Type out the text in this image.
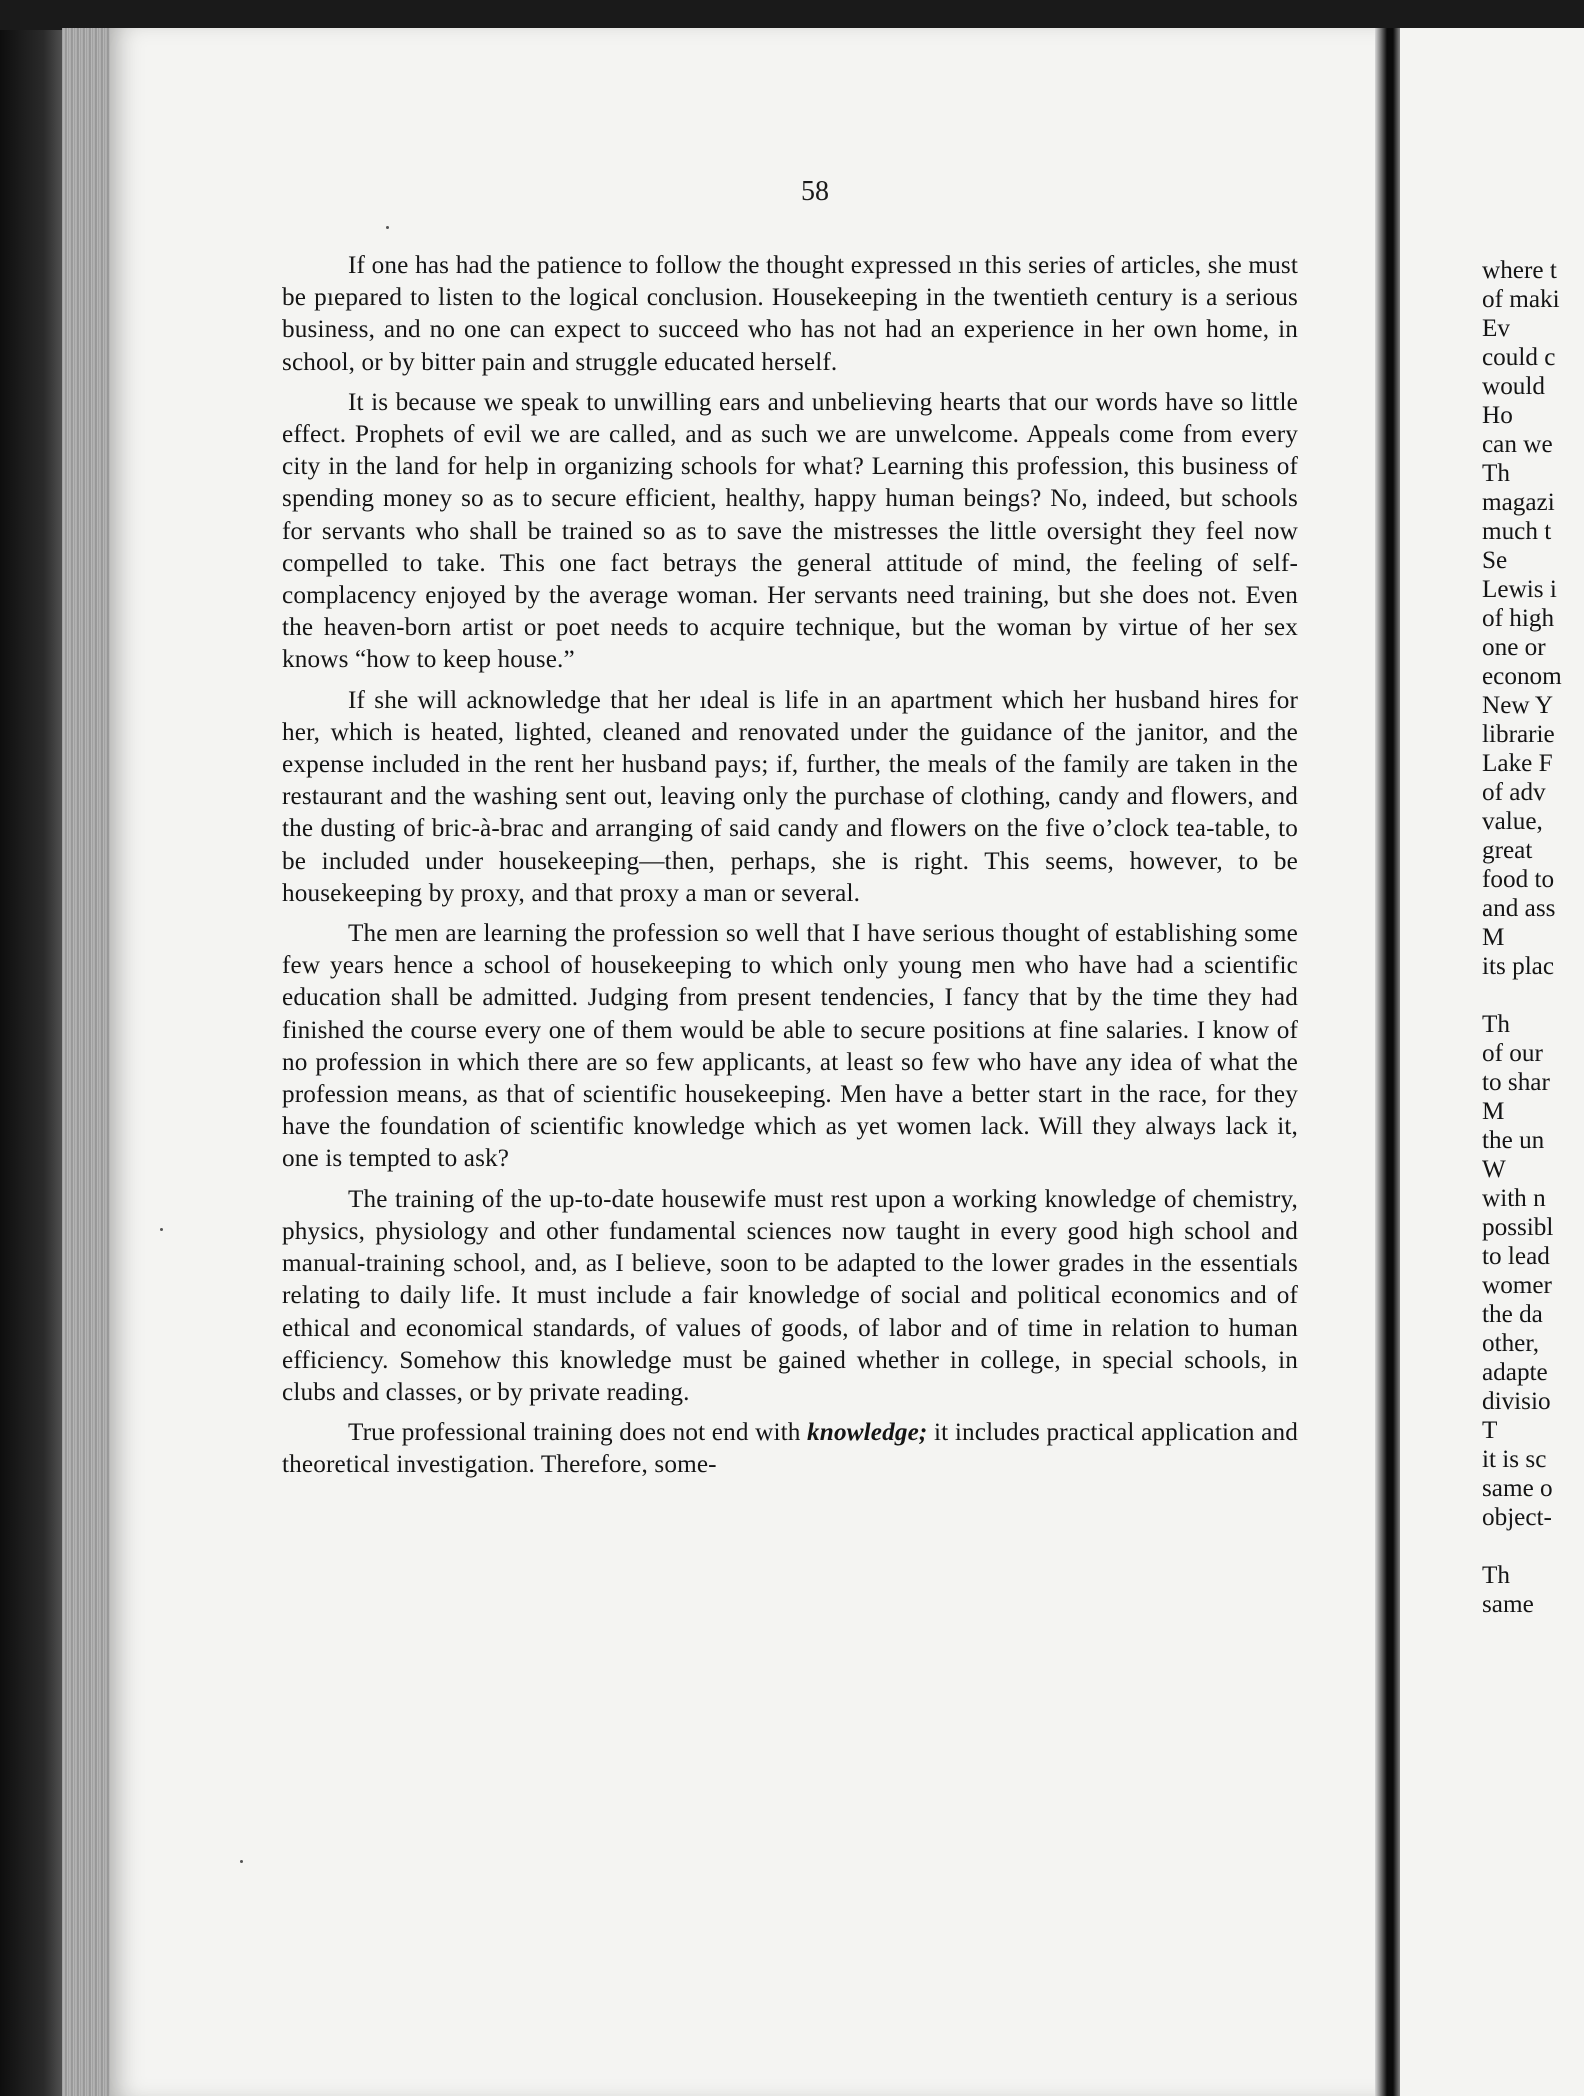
58

If one has had the patience to follow the thought expressed ın this series of articles, she must be pıepared to listen to the logical conclusion. Housekeeping in the twentieth century is a serious business, and no one can expect to succeed who has not had an experience in her own home, in school, or by bitter pain and struggle educated herself.

It is because we speak to unwilling ears and unbelieving hearts that our words have so little effect. Prophets of evil we are called, and as such we are unwelcome. Appeals come from every city in the land for help in organizing schools for what? Learning this profession, this business of spending money so as to secure efficient, healthy, happy human beings? No, indeed, but schools for servants who shall be trained so as to save the mistresses the little oversight they feel now compelled to take. This one fact betrays the general attitude of mind, the feeling of self-complacency enjoyed by the average woman. Her servants need training, but she does not. Even the heaven-born artist or poet needs to acquire technique, but the woman by virtue of her sex knows “how to keep house.”

If she will acknowledge that her ıdeal is life in an apartment which her husband hires for her, which is heated, lighted, cleaned and renovated under the guidance of the janitor, and the expense included in the rent her husband pays; if, further, the meals of the family are taken in the restaurant and the washing sent out, leaving only the purchase of clothing, candy and flowers, and the dusting of bric-à-brac and arranging of said candy and flowers on the five o’clock tea-table, to be included under housekeeping—then, perhaps, she is right. This seems, however, to be housekeeping by proxy, and that proxy a man or several.

The men are learning the profession so well that I have serious thought of establishing some few years hence a school of housekeeping to which only young men who have had a scientific education shall be admitted. Judging from present tendencies, I fancy that by the time they had finished the course every one of them would be able to secure positions at fine salaries. I know of no profession in which there are so few applicants, at least so few who have any idea of what the profession means, as that of scientific housekeeping. Men have a better start in the race, for they have the foundation of scientific knowledge which as yet women lack. Will they always lack it, one is tempted to ask?

The training of the up-to-date housewife must rest upon a working knowledge of chemistry, physics, physiology and other fundamental sciences now taught in every good high school and manual-training school, and, as I believe, soon to be adapted to the lower grades in the essentials relating to daily life. It must include a fair knowledge of social and political economics and of ethical and economical standards, of values of goods, of labor and of time in relation to human efficiency. Somehow this knowledge must be gained whether in college, in special schools, in clubs and classes, or by private reading.

True professional training does not end with knowledge; it includes practical application and theoretical investigation. Therefore, some-

where t
of maki
Ev
could c
would
Ho
can we
Th
magazi
much t
Se
Lewis i
of high
one or
econom
New Y
librarie
Lake F
of adv
value,
great
food to
and ass
M
its plac
Th
of our
to shar
M
the un
W
with n
possibl
to lead
womer
the da
other,
adapte
divisio
T
it is sc
same o
object-
Th
same
